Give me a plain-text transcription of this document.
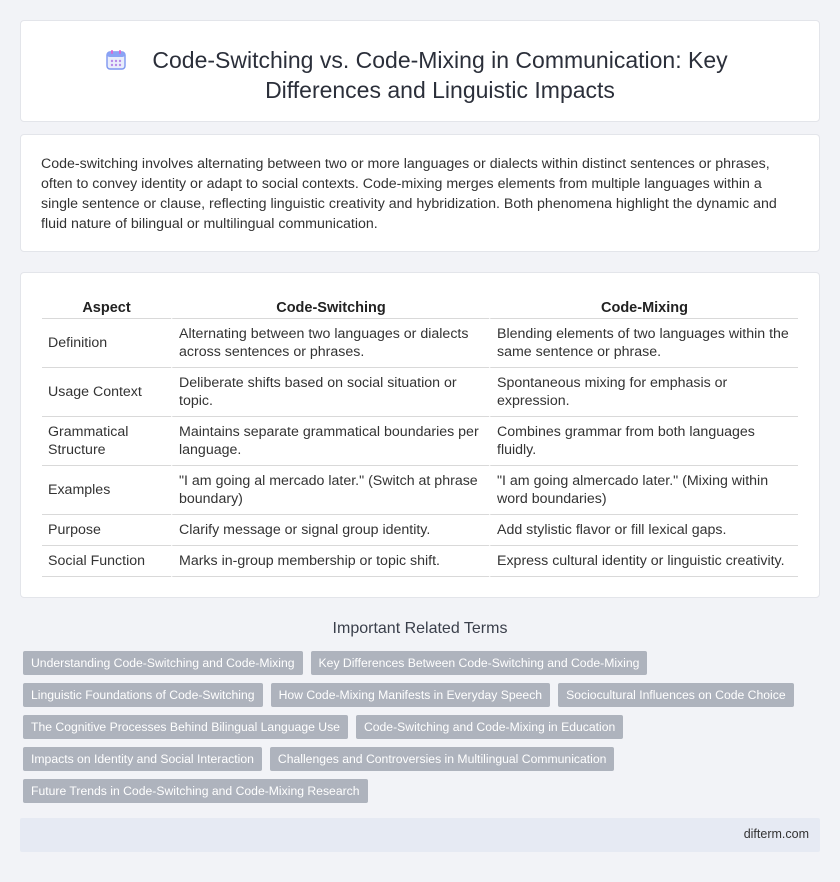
Code-Switching vs. Code-Mixing in Communication: Key Differences and Linguistic Impacts

Code-switching involves alternating between two or more languages or dialects within distinct sentences or phrases, often to convey identity or adapt to social contexts. Code-mixing merges elements from multiple languages within a single sentence or clause, reflecting linguistic creativity and hybridization. Both phenomena highlight the dynamic and fluid nature of bilingual or multilingual communication.

Aspect	Code-Switching	Code-Mixing
Definition	Alternating between two languages or dialects across sentences or phrases.	Blending elements of two languages within the same sentence or phrase.
Usage Context	Deliberate shifts based on social situation or topic.	Spontaneous mixing for emphasis or expression.
Grammatical Structure	Maintains separate grammatical boundaries per language.	Combines grammar from both languages fluidly.
Examples	"I am going al mercado later." (Switch at phrase boundary)	"I am going almercado later." (Mixing within word boundaries)
Purpose	Clarify message or signal group identity.	Add stylistic flavor or fill lexical gaps.
Social Function	Marks in-group membership or topic shift.	Express cultural identity or linguistic creativity.
Important Related Terms
Understanding Code-Switching and Code-Mixing	Key Differences Between Code-Switching and Code-Mixing
Linguistic Foundations of Code-Switching	How Code-Mixing Manifests in Everyday Speech	Sociocultural Influences on Code Choice
The Cognitive Processes Behind Bilingual Language Use	Code-Switching and Code-Mixing in Education
Impacts on Identity and Social Interaction	Challenges and Controversies in Multilingual Communication
Future Trends in Code-Switching and Code-Mixing Research
difterm.com
